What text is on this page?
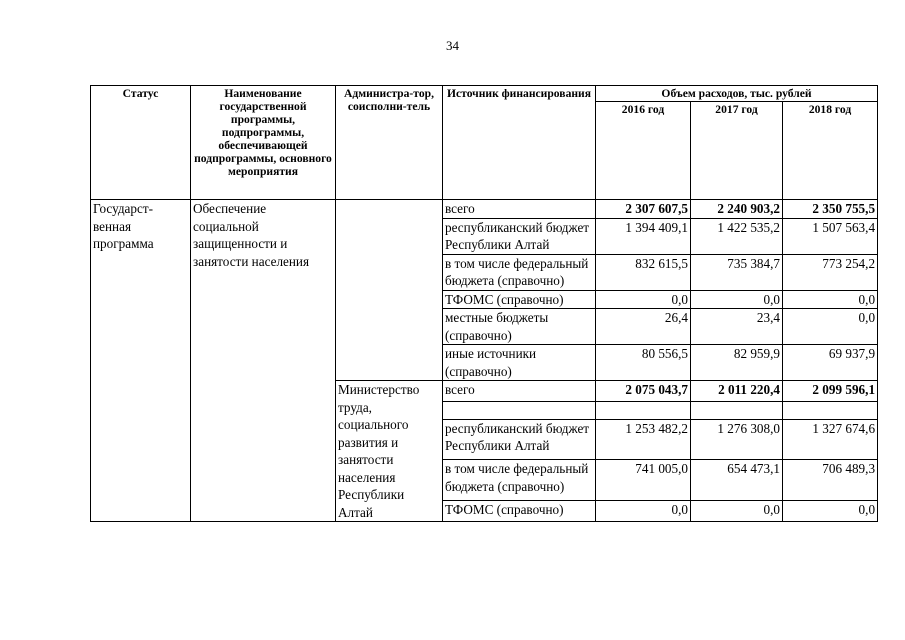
34
Статус	Наименование государственной программы, подпрограммы, обеспечивающей подпрограммы, основного мероприятия	Администра-тор, соисполни-тель	Источник финансирования	Объем расходов, тыс. рублей		
				2016 год	2017 год	2018 год
Государст-венная программа	Обеспечение социальной защищенности и занятости населения		всего	2 307 607,5	2 240 903,2	2 350 755,5
			республиканский бюджет Республики Алтай	1 394 409,1	1 422 535,2	1 507 563,4
			в том числе федеральный бюджета (справочно)	832 615,5	735 384,7	773 254,2
			ТФОМС (справочно)	0,0	0,0	0,0
			местные бюджеты (справочно)	26,4	23,4	0,0
			иные источники (справочно)	80 556,5	82 959,9	69 937,9
		Министерство труда, социального развития и занятости населения Республики Алтай	всего	2 075 043,7	2 011 220,4	2 099 596,1

			республиканский бюджет Республики Алтай	1 253 482,2	1 276 308,0	1 327 674,6
			в том числе федеральный бюджета (справочно)	741 005,0	654 473,1	706 489,3
			ТФОМС (справочно)	0,0	0,0	0,0
